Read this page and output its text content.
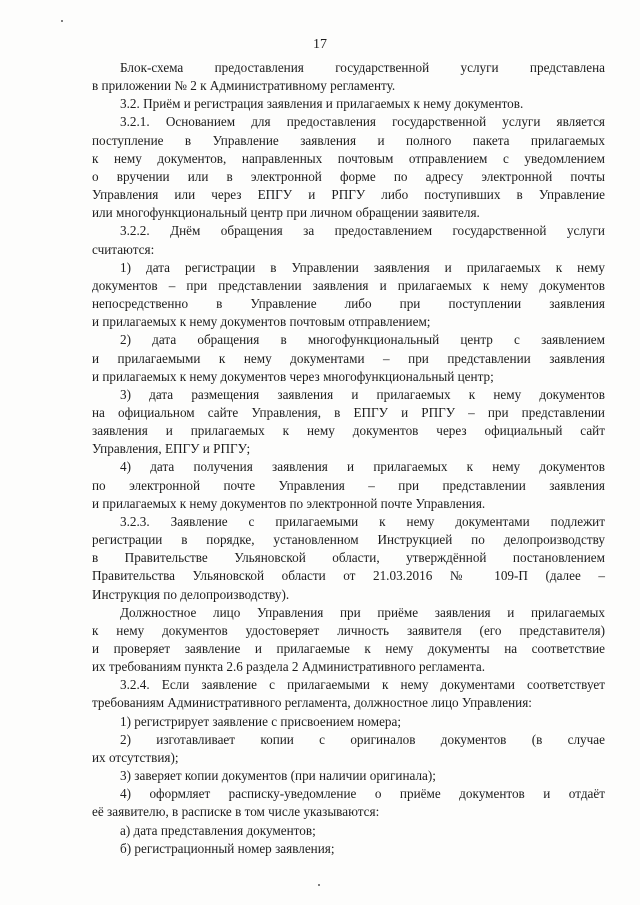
17
Блок-схема предоставления государственной услуги представлена
в приложении № 2 к Административному регламенту.
3.2. Приём и регистрация заявления и прилагаемых к нему документов.
3.2.1. Основанием для предоставления государственной услуги является
поступление в Управление заявления и полного пакета прилагаемых
к нему документов, направленных почтовым отправлением с уведомлением
о вручении или в электронной форме по адресу электронной почты
Управления или через ЕПГУ и РПГУ либо поступивших в Управление
или многофункциональный центр при личном обращении заявителя.
3.2.2. Днём обращения за предоставлением государственной услуги
считаются:
1) дата регистрации в Управлении заявления и прилагаемых к нему
документов – при представлении заявления и прилагаемых к нему документов
непосредственно в Управление либо при поступлении заявления
и прилагаемых к нему документов почтовым отправлением;
2) дата обращения в многофункциональный центр с заявлением
и прилагаемыми к нему документами – при представлении заявления
и прилагаемых к нему документов через многофункциональный центр;
3) дата размещения заявления и прилагаемых к нему документов
на официальном сайте Управления, в ЕПГУ и РПГУ – при представлении
заявления и прилагаемых к нему документов через официальный сайт
Управления, ЕПГУ и РПГУ;
4) дата получения заявления и прилагаемых к нему документов
по электронной почте Управления – при представлении заявления
и прилагаемых к нему документов по электронной почте Управления.
3.2.3. Заявление с прилагаемыми к нему документами подлежит
регистрации в порядке, установленном Инструкцией по делопроизводству
в Правительстве Ульяновской области, утверждённой постановлением
Правительства Ульяновской области от 21.03.2016 № 109-П (далее –
Инструкция по делопроизводству).
Должностное лицо Управления при приёме заявления и прилагаемых
к нему документов удостоверяет личность заявителя (его представителя)
и проверяет заявление и прилагаемые к нему документы на соответствие
их требованиям пункта 2.6 раздела 2 Административного регламента.
3.2.4. Если заявление с прилагаемыми к нему документами соответствует
требованиям Административного регламента, должностное лицо Управления:
1) регистрирует заявление с присвоением номера;
2) изготавливает копии с оригиналов документов (в случае
их отсутствия);
3) заверяет копии документов (при наличии оригинала);
4) оформляет расписку-уведомление о приёме документов и отдаёт
её заявителю, в расписке в том числе указываются:
а) дата представления документов;
б) регистрационный номер заявления;
